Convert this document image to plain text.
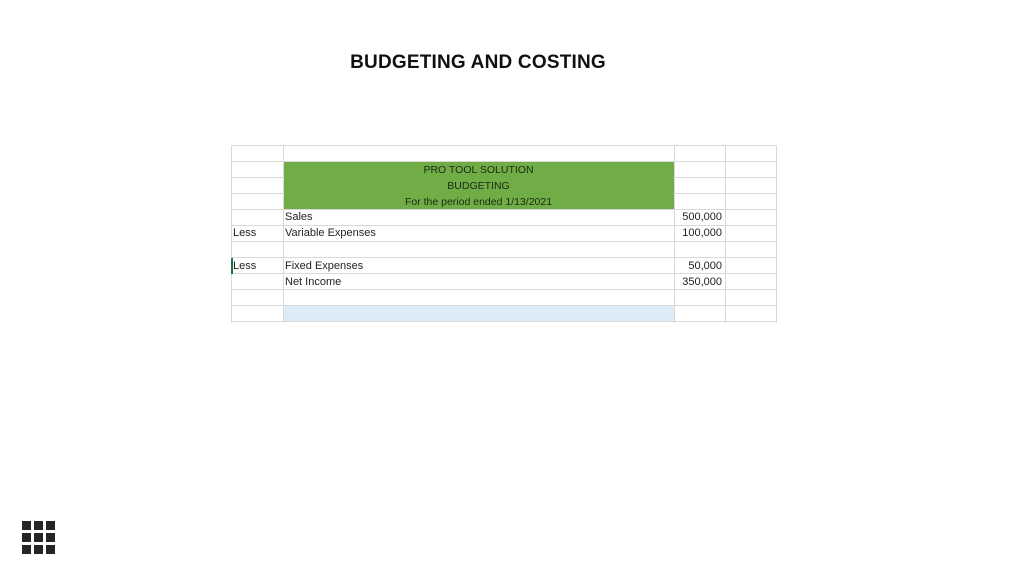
BUDGETING AND COSTING
PRO TOOL SOLUTION
BUDGETING
For the period ended 1/13/2021
Sales	500,000
Less	Variable Expenses	100,000
Less	Fixed Expenses	50,000
Net Income	350,000
